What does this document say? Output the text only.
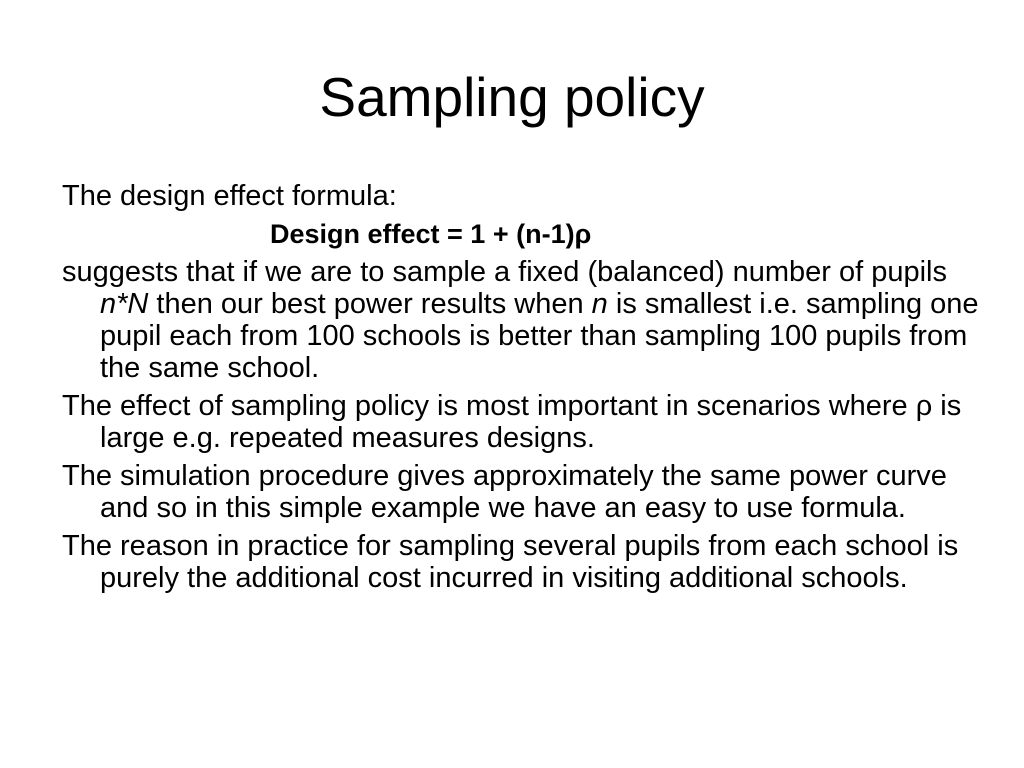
Sampling policy

The design effect formula:

Design effect = 1 + (n-1)ρ

suggests that if we are to sample a fixed (balanced) number of pupils n*N then our best power results when n is smallest i.e. sampling one pupil each from 100 schools is better than sampling 100 pupils from the same school.

The effect of sampling policy is most important in scenarios where ρ is large e.g. repeated measures designs.

The simulation procedure gives approximately the same power curve and so in this simple example we have an easy to use formula.

The reason in practice for sampling several pupils from each school is purely the additional cost incurred in visiting additional schools.
